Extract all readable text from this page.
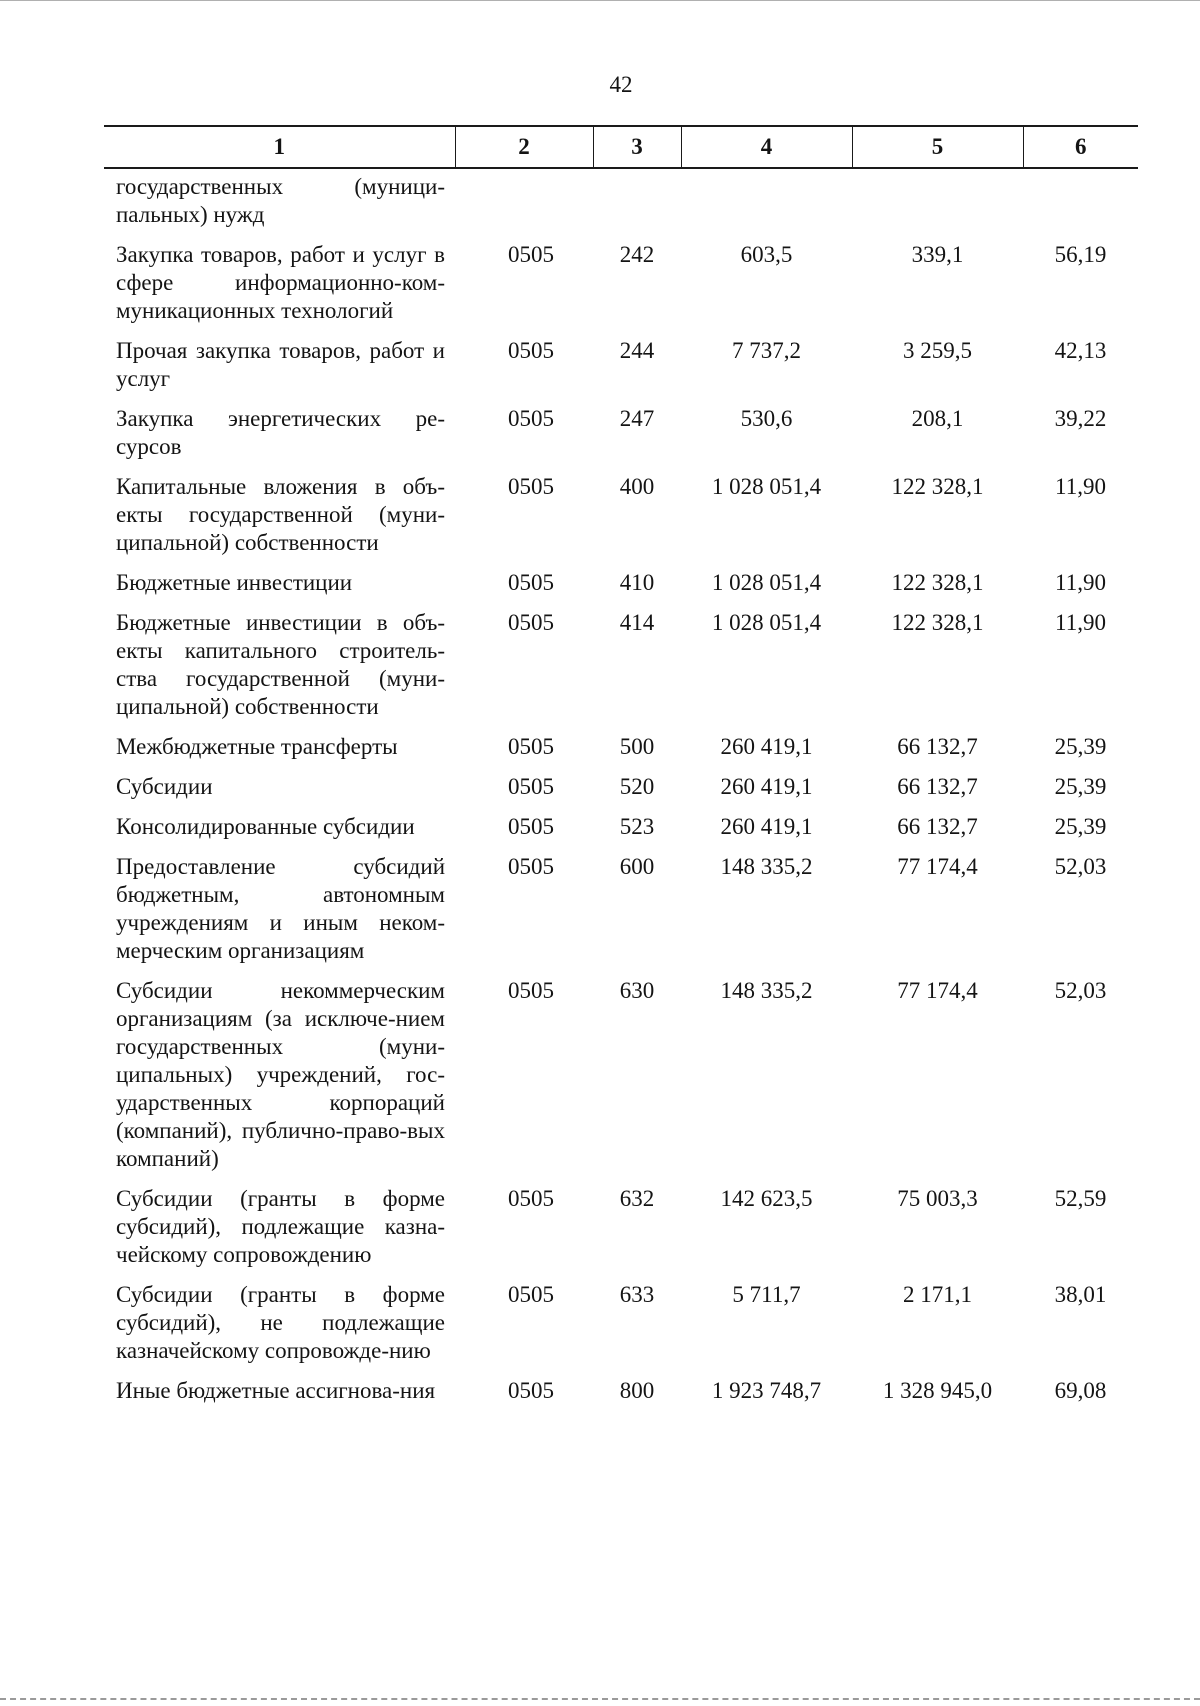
42
1	2	3	4	5	6
государственных (муници-пальных) нужд					
Закупка товаров, работ и услуг в сфере информационно-ком-муникационных технологий	0505	242	603,5	339,1	56,19
Прочая закупка товаров, работ и услуг	0505	244	7 737,2	3 259,5	42,13
Закупка энергетических ре-сурсов	0505	247	530,6	208,1	39,22
Капитальные вложения в объ-екты государственной (муни-ципальной) собственности	0505	400	1 028 051,4	122 328,1	11,90
Бюджетные инвестиции	0505	410	1 028 051,4	122 328,1	11,90
Бюджетные инвестиции в объ-екты капитального строитель-ства государственной (муни-ципальной) собственности	0505	414	1 028 051,4	122 328,1	11,90
Межбюджетные трансферты	0505	500	260 419,1	66 132,7	25,39
Субсидии	0505	520	260 419,1	66 132,7	25,39
Консолидированные субсидии	0505	523	260 419,1	66 132,7	25,39
Предоставление субсидий бюджетным, автономным учреждениям и иным неком-мерческим организациям	0505	600	148 335,2	77 174,4	52,03
Субсидии некоммерческим организациям (за исключе-нием государственных (муни-ципальных) учреждений, гос-ударственных корпораций (компаний), публично-право-вых компаний)	0505	630	148 335,2	77 174,4	52,03
Субсидии (гранты в форме субсидий), подлежащие казна-чейскому сопровождению	0505	632	142 623,5	75 003,3	52,59
Субсидии (гранты в форме субсидий), не подлежащие казначейскому сопровожде-нию	0505	633	5 711,7	2 171,1	38,01
Иные бюджетные ассигнова-ния	0505	800	1 923 748,7	1 328 945,0	69,08
